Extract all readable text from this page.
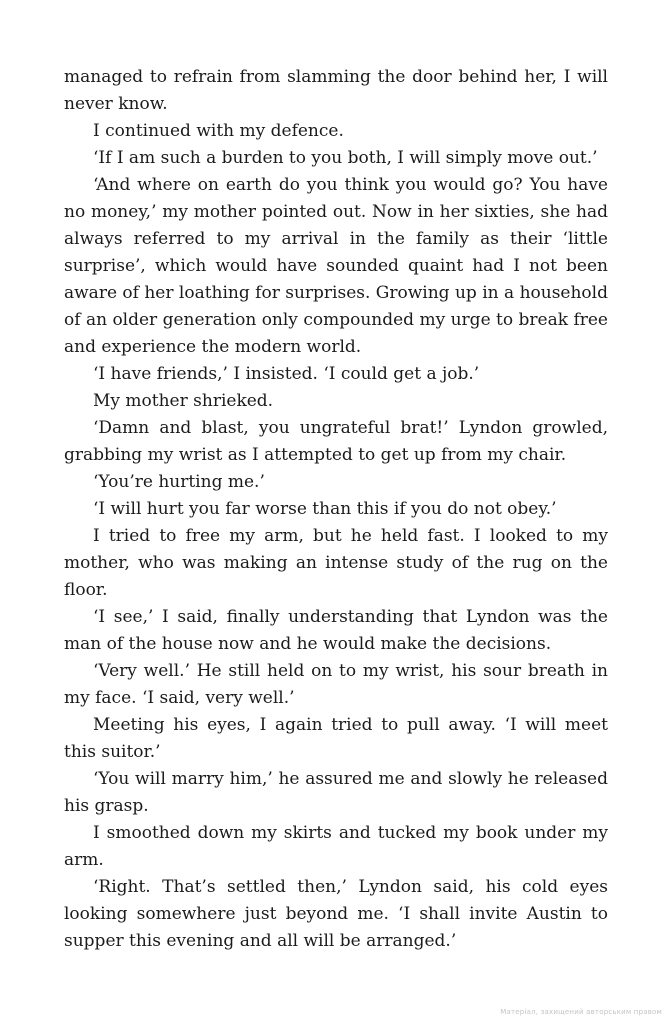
managed to refrain from slamming the door behind her, I will never know.

I continued with my defence.

‘If I am such a burden to you both, I will simply move out.’

‘And where on earth do you think you would go? You have no money,’ my mother pointed out. Now in her sixties, she had always referred to my arrival in the family as their ‘little surprise’, which would have sounded quaint had I not been aware of her loathing for surprises. Growing up in a household of an older generation only compounded my urge to break free and experience the modern world.

‘I have friends,’ I insisted. ‘I could get a job.’

My mother shrieked.

‘Damn and blast, you ungrateful brat!’ Lyndon growled, grabbing my wrist as I attempted to get up from my chair.

‘You’re hurting me.’

‘I will hurt you far worse than this if you do not obey.’

I tried to free my arm, but he held fast. I looked to my mother, who was making an intense study of the rug on the floor.

‘I see,’ I said, finally understanding that Lyndon was the man of the house now and he would make the decisions.

‘Very well.’ He still held on to my wrist, his sour breath in my face. ‘I said, very well.’

Meeting his eyes, I again tried to pull away. ‘I will meet this suitor.’

‘You will marry him,’ he assured me and slowly he released his grasp.

I smoothed down my skirts and tucked my book under my arm.

‘Right. That’s settled then,’ Lyndon said, his cold eyes looking somewhere just beyond me. ‘I shall invite Austin to supper this evening and all will be arranged.’

Матеріал, захищений авторським правом
